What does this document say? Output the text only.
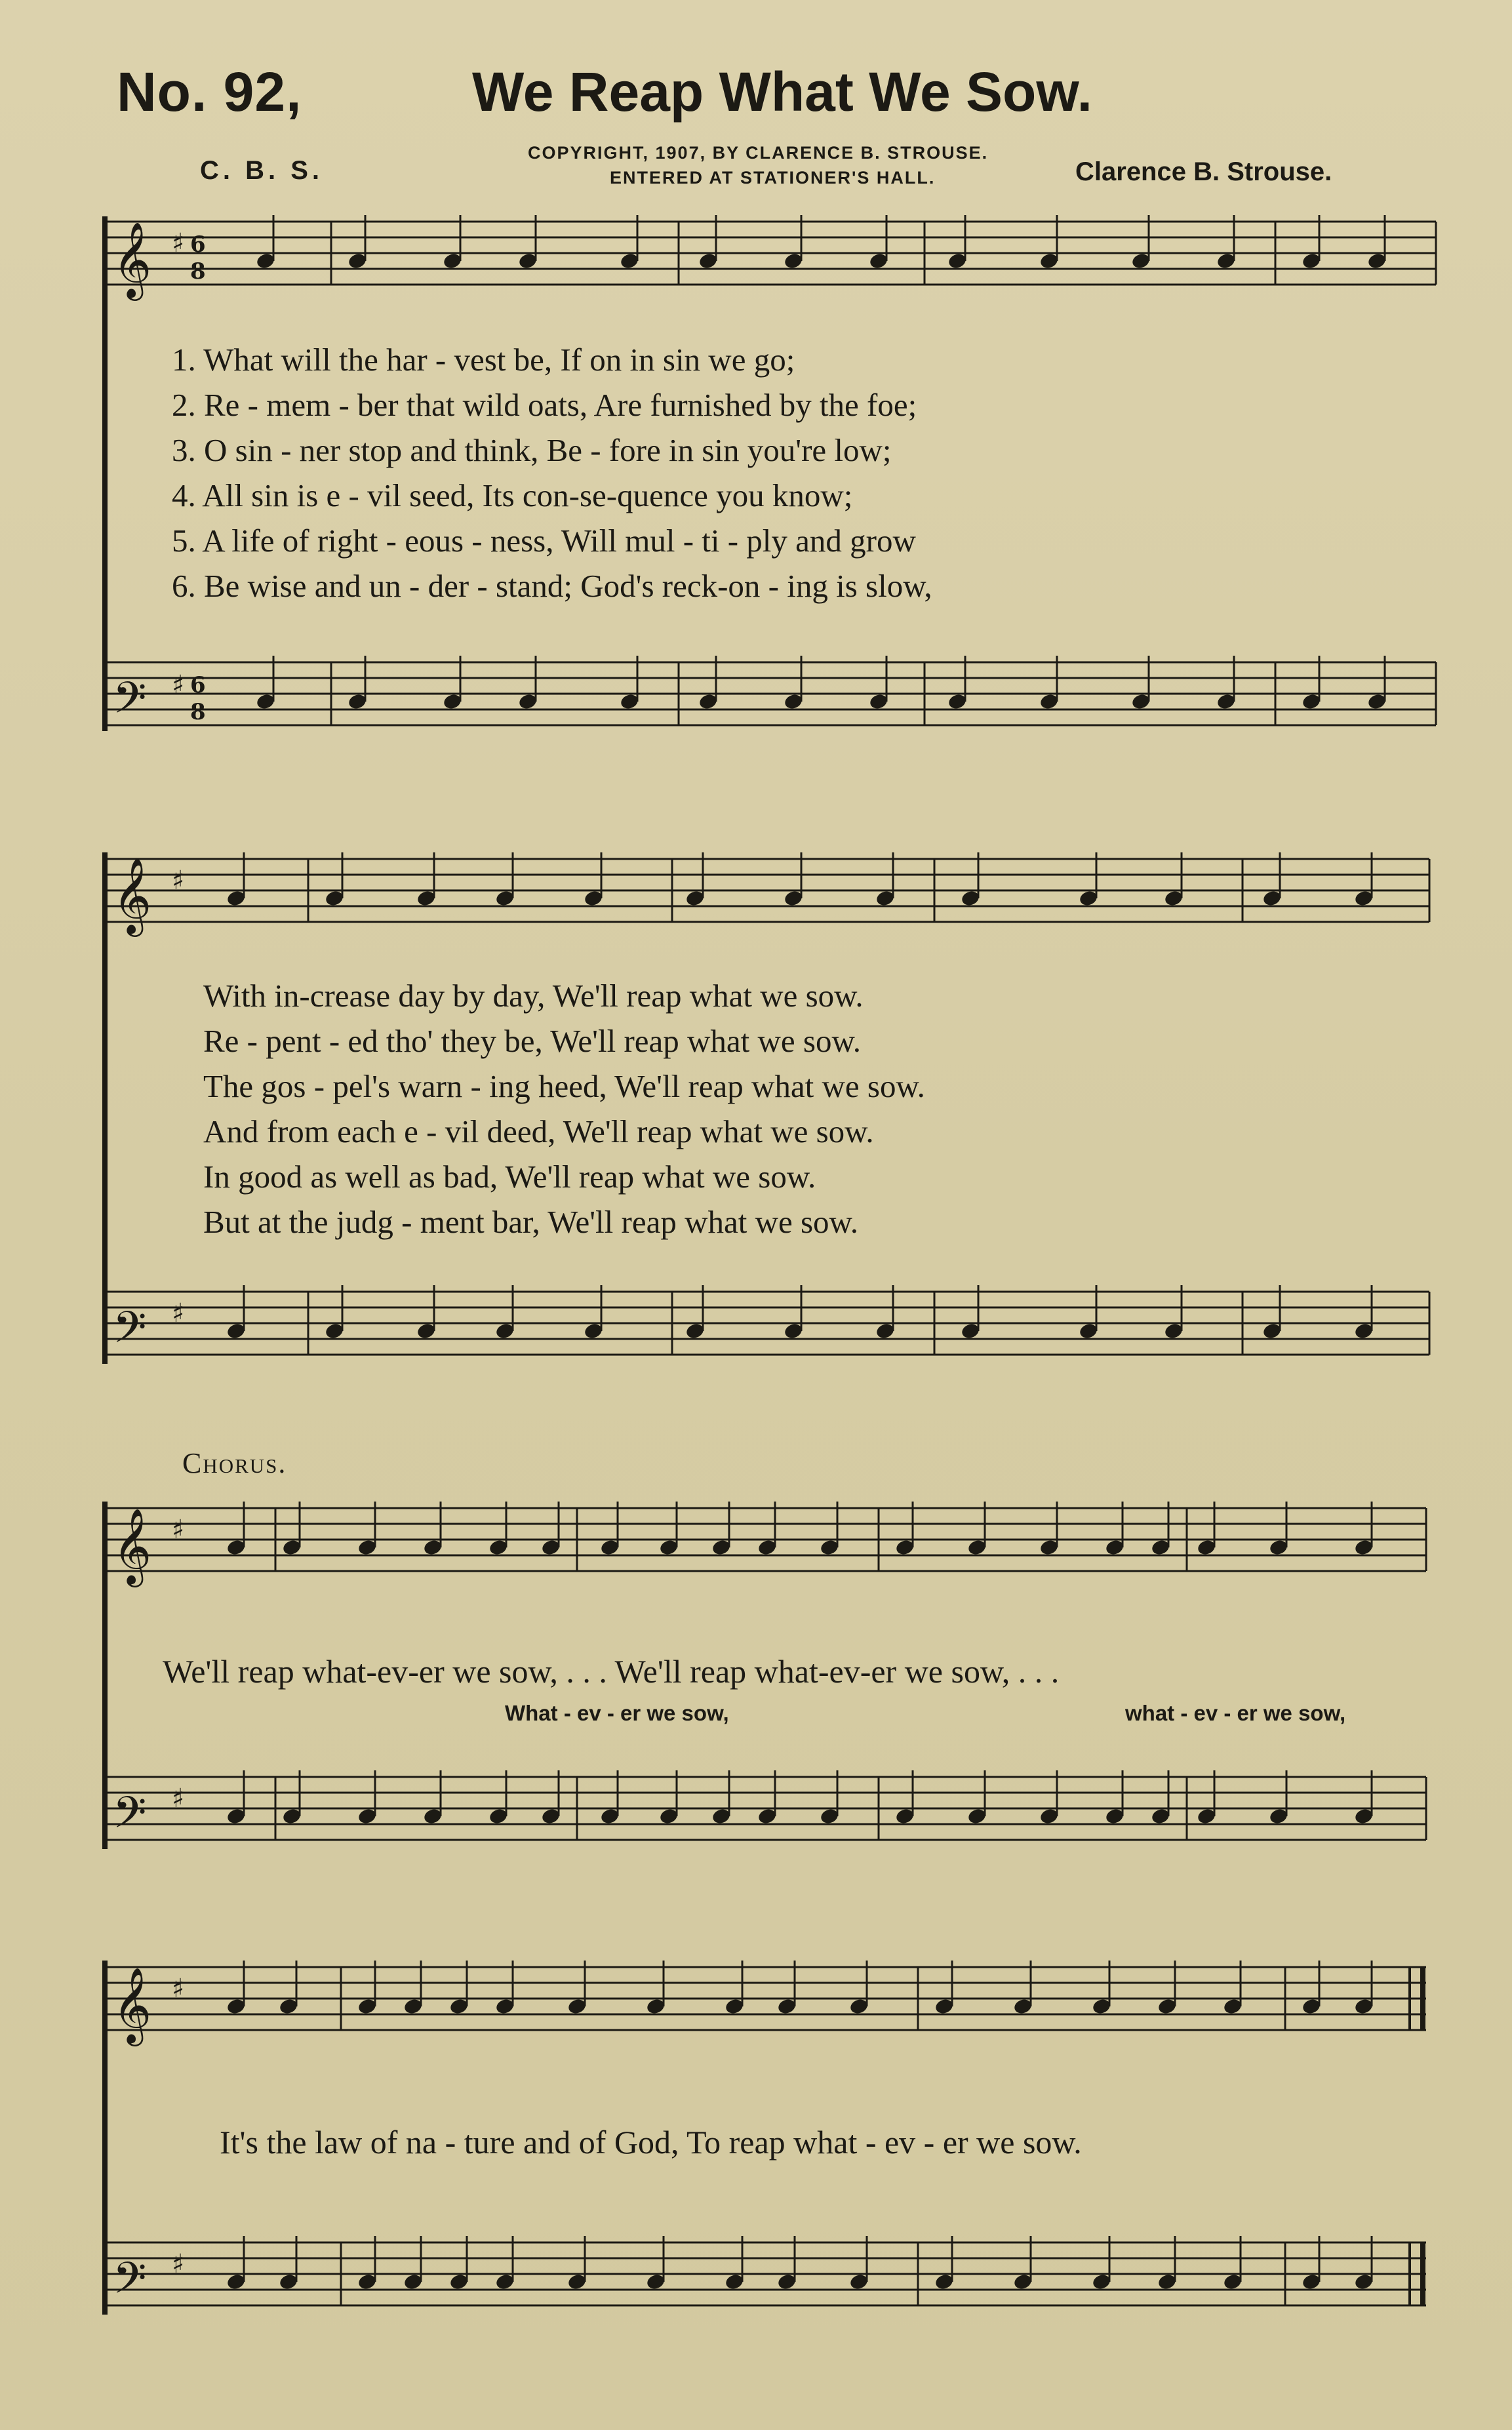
No. 92,	We Reap What We Sow.
C. B. S.
COPYRIGHT, 1907, BY CLARENCE B. STROUSE.
ENTERED AT STATIONER'S HALL.	Clarence B. Strouse.
𝄞
𝄢
𝄞
𝄢
𝄞
𝄢
𝄞
𝄢
♯ 6
8
♯ 6
8
♯
♯
♯
♯
♯
♯
1. What will the har - vest be, If on in sin we go;
2. Re - mem - ber that wild oats, Are furnished by the foe;
3. O sin - ner stop and think, Be - fore in sin you're low;
4. All sin is e - vil seed, Its con-se-quence you know;
5. A life of right - eous - ness, Will mul - ti - ply and grow
6. Be wise and un - der - stand; God's reck-on - ing is slow,
With in-crease day by day, We'll reap what we sow.
Re - pent - ed tho' they be, We'll reap what we sow.
The gos - pel's warn - ing heed, We'll reap what we sow.
And from each e - vil deed, We'll reap what we sow.
In good as well as bad, We'll reap what we sow.
But at the judg - ment bar, We'll reap what we sow.
Chorus.
We'll reap what-ev-er we sow, . . . We'll reap what-ev-er we sow, . . .
What - ev - er we sow,	what - ev - er we sow,
It's the law of na - ture and of God, To reap what - ev - er we sow.
